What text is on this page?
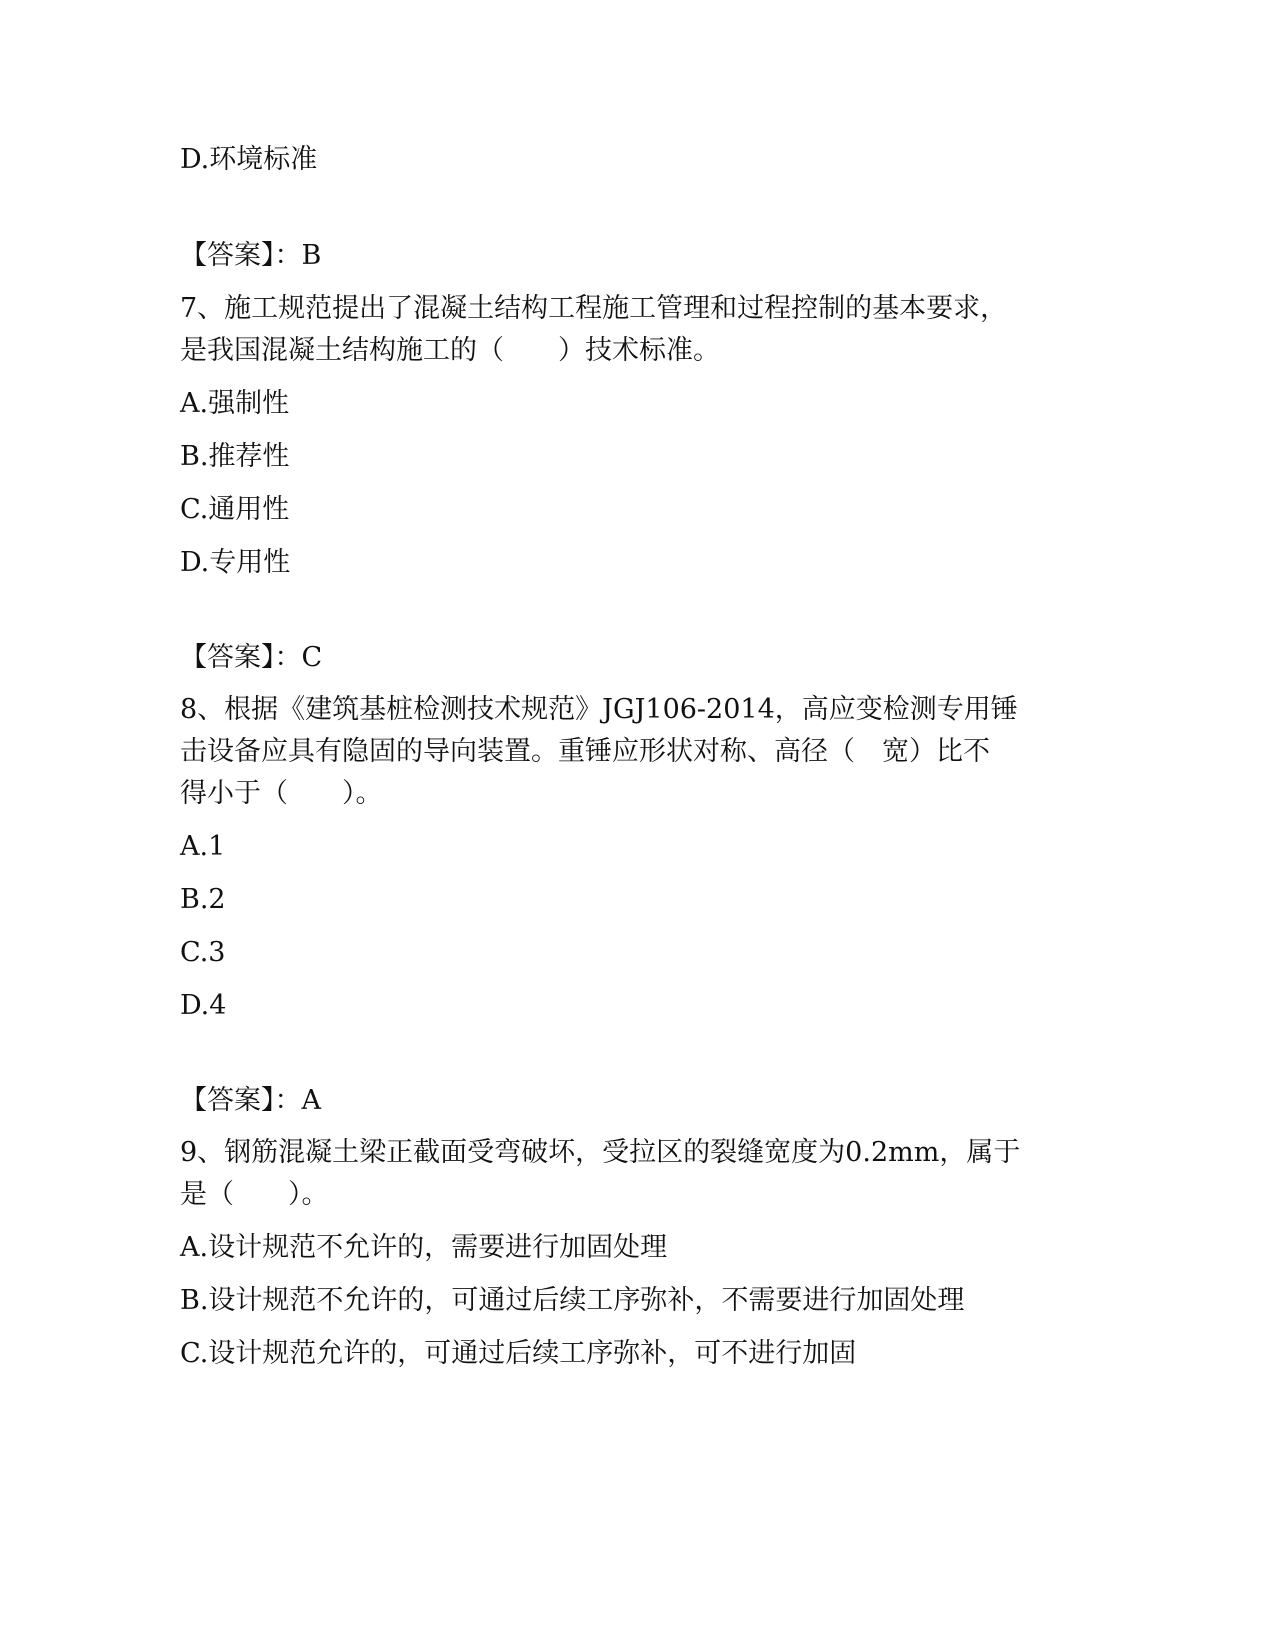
D.环境标准
【答案】：B
7、施工规范提出了混凝土结构工程施工管理和过程控制的基本要求，
是我国混凝土结构施工的（　　）技术标准。
A.强制性
B.推荐性
C.通用性
D.专用性
【答案】：C
8、根据《建筑基桩检测技术规范》JGJ106-2014，高应变检测专用锤
击设备应具有隐固的导向装置。重锤应形状对称、高径（　宽）比不
得小于（　　）。
A.1
B.2
C.3
D.4
【答案】：A
9、钢筋混凝土梁正截面受弯破坏，受拉区的裂缝宽度为0.2mm，属于
是（　　）。
A.设计规范不允许的，需要进行加固处理
B.设计规范不允许的，可通过后续工序弥补，不需要进行加固处理
C.设计规范允许的，可通过后续工序弥补，可不进行加固
